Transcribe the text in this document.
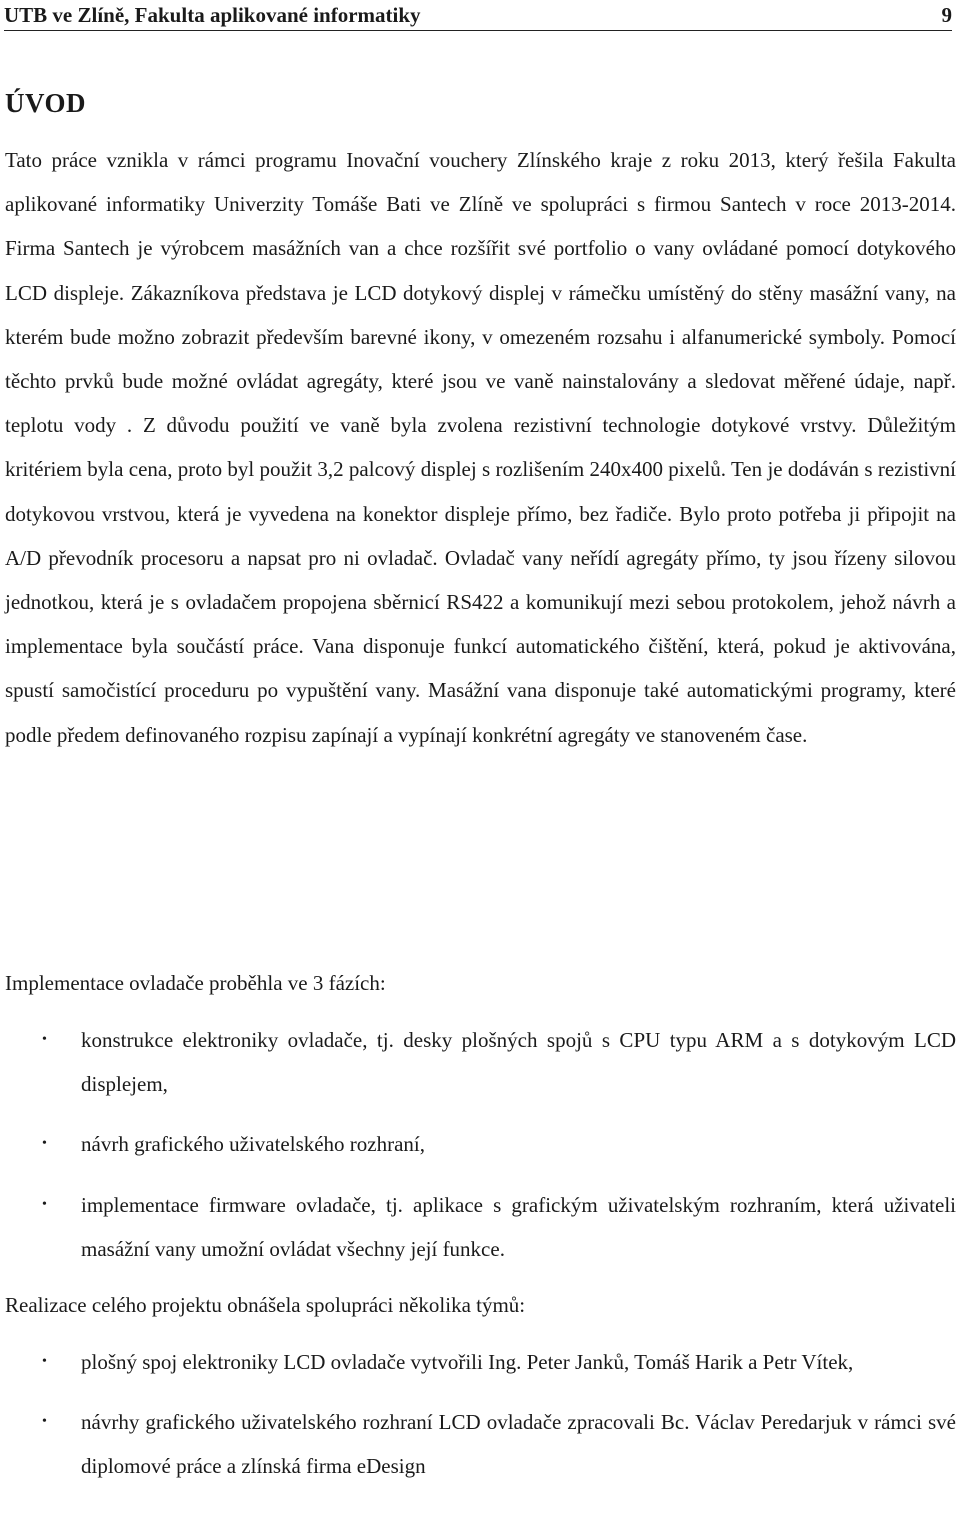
UTB ve Zlíně, Fakulta aplikované informatiky	9
ÚVOD

Tato práce vznikla v rámci programu Inovační vouchery Zlínského kraje z roku 2013, který řešila Fakulta aplikované informatiky Univerzity Tomáše Bati ve Zlíně ve spolupráci s firmou Santech v roce 2013-2014. Firma Santech je výrobcem masážních van a chce rozšířit své portfolio o vany ovládané pomocí dotykového LCD displeje. Zákazníkova představa je LCD dotykový displej v rámečku umístěný do stěny masážní vany, na kterém bude možno zobrazit především barevné ikony, v omezeném rozsahu i alfanumerické symboly. Pomocí těchto prvků bude možné ovládat agregáty, které jsou ve vaně nainstalovány a sledovat měřené údaje, např. teplotu vody . Z důvodu použití ve vaně byla zvolena rezistivní technologie dotykové vrstvy. Důležitým kritériem byla cena, proto byl použit 3,2 palcový displej s rozlišením 240x400 pixelů. Ten je dodáván s rezistivní dotykovou vrstvou, která je vyvedena na konektor displeje přímo, bez řadiče. Bylo proto potřeba ji připojit na A/D převodník procesoru a napsat pro ni ovladač. Ovladač vany neřídí agregáty přímo, ty jsou řízeny silovou jednotkou, která je s ovladačem propojena sběrnicí RS422 a komunikují mezi sebou protokolem, jehož návrh a implementace byla součástí práce. Vana disponuje funkcí automatického čištění, která, pokud je aktivována, spustí samočistící proceduru po vypuštění vany. Masážní vana disponuje také automatickými programy, které podle předem definovaného rozpisu zapínají a vypínají konkrétní agregáty ve stanoveném čase.

Implementace ovladače proběhla ve 3 fázích:

• konstrukce elektroniky ovladače, tj. desky plošných spojů s CPU typu ARM a s dotykovým LCD displejem,
• návrh grafického uživatelského rozhraní,
• implementace firmware ovladače, tj. aplikace s grafickým uživatelským rozhraním, která uživateli masážní vany umožní ovládat všechny její funkce.

Realizace celého projektu obnášela spolupráci několika týmů:

• plošný spoj elektroniky LCD ovladače vytvořili Ing. Peter Janků, Tomáš Harik a Petr Vítek,
• návrhy grafického uživatelského rozhraní LCD ovladače zpracovali Bc. Václav Peredarjuk v rámci své diplomové práce a zlínská firma eDesign
